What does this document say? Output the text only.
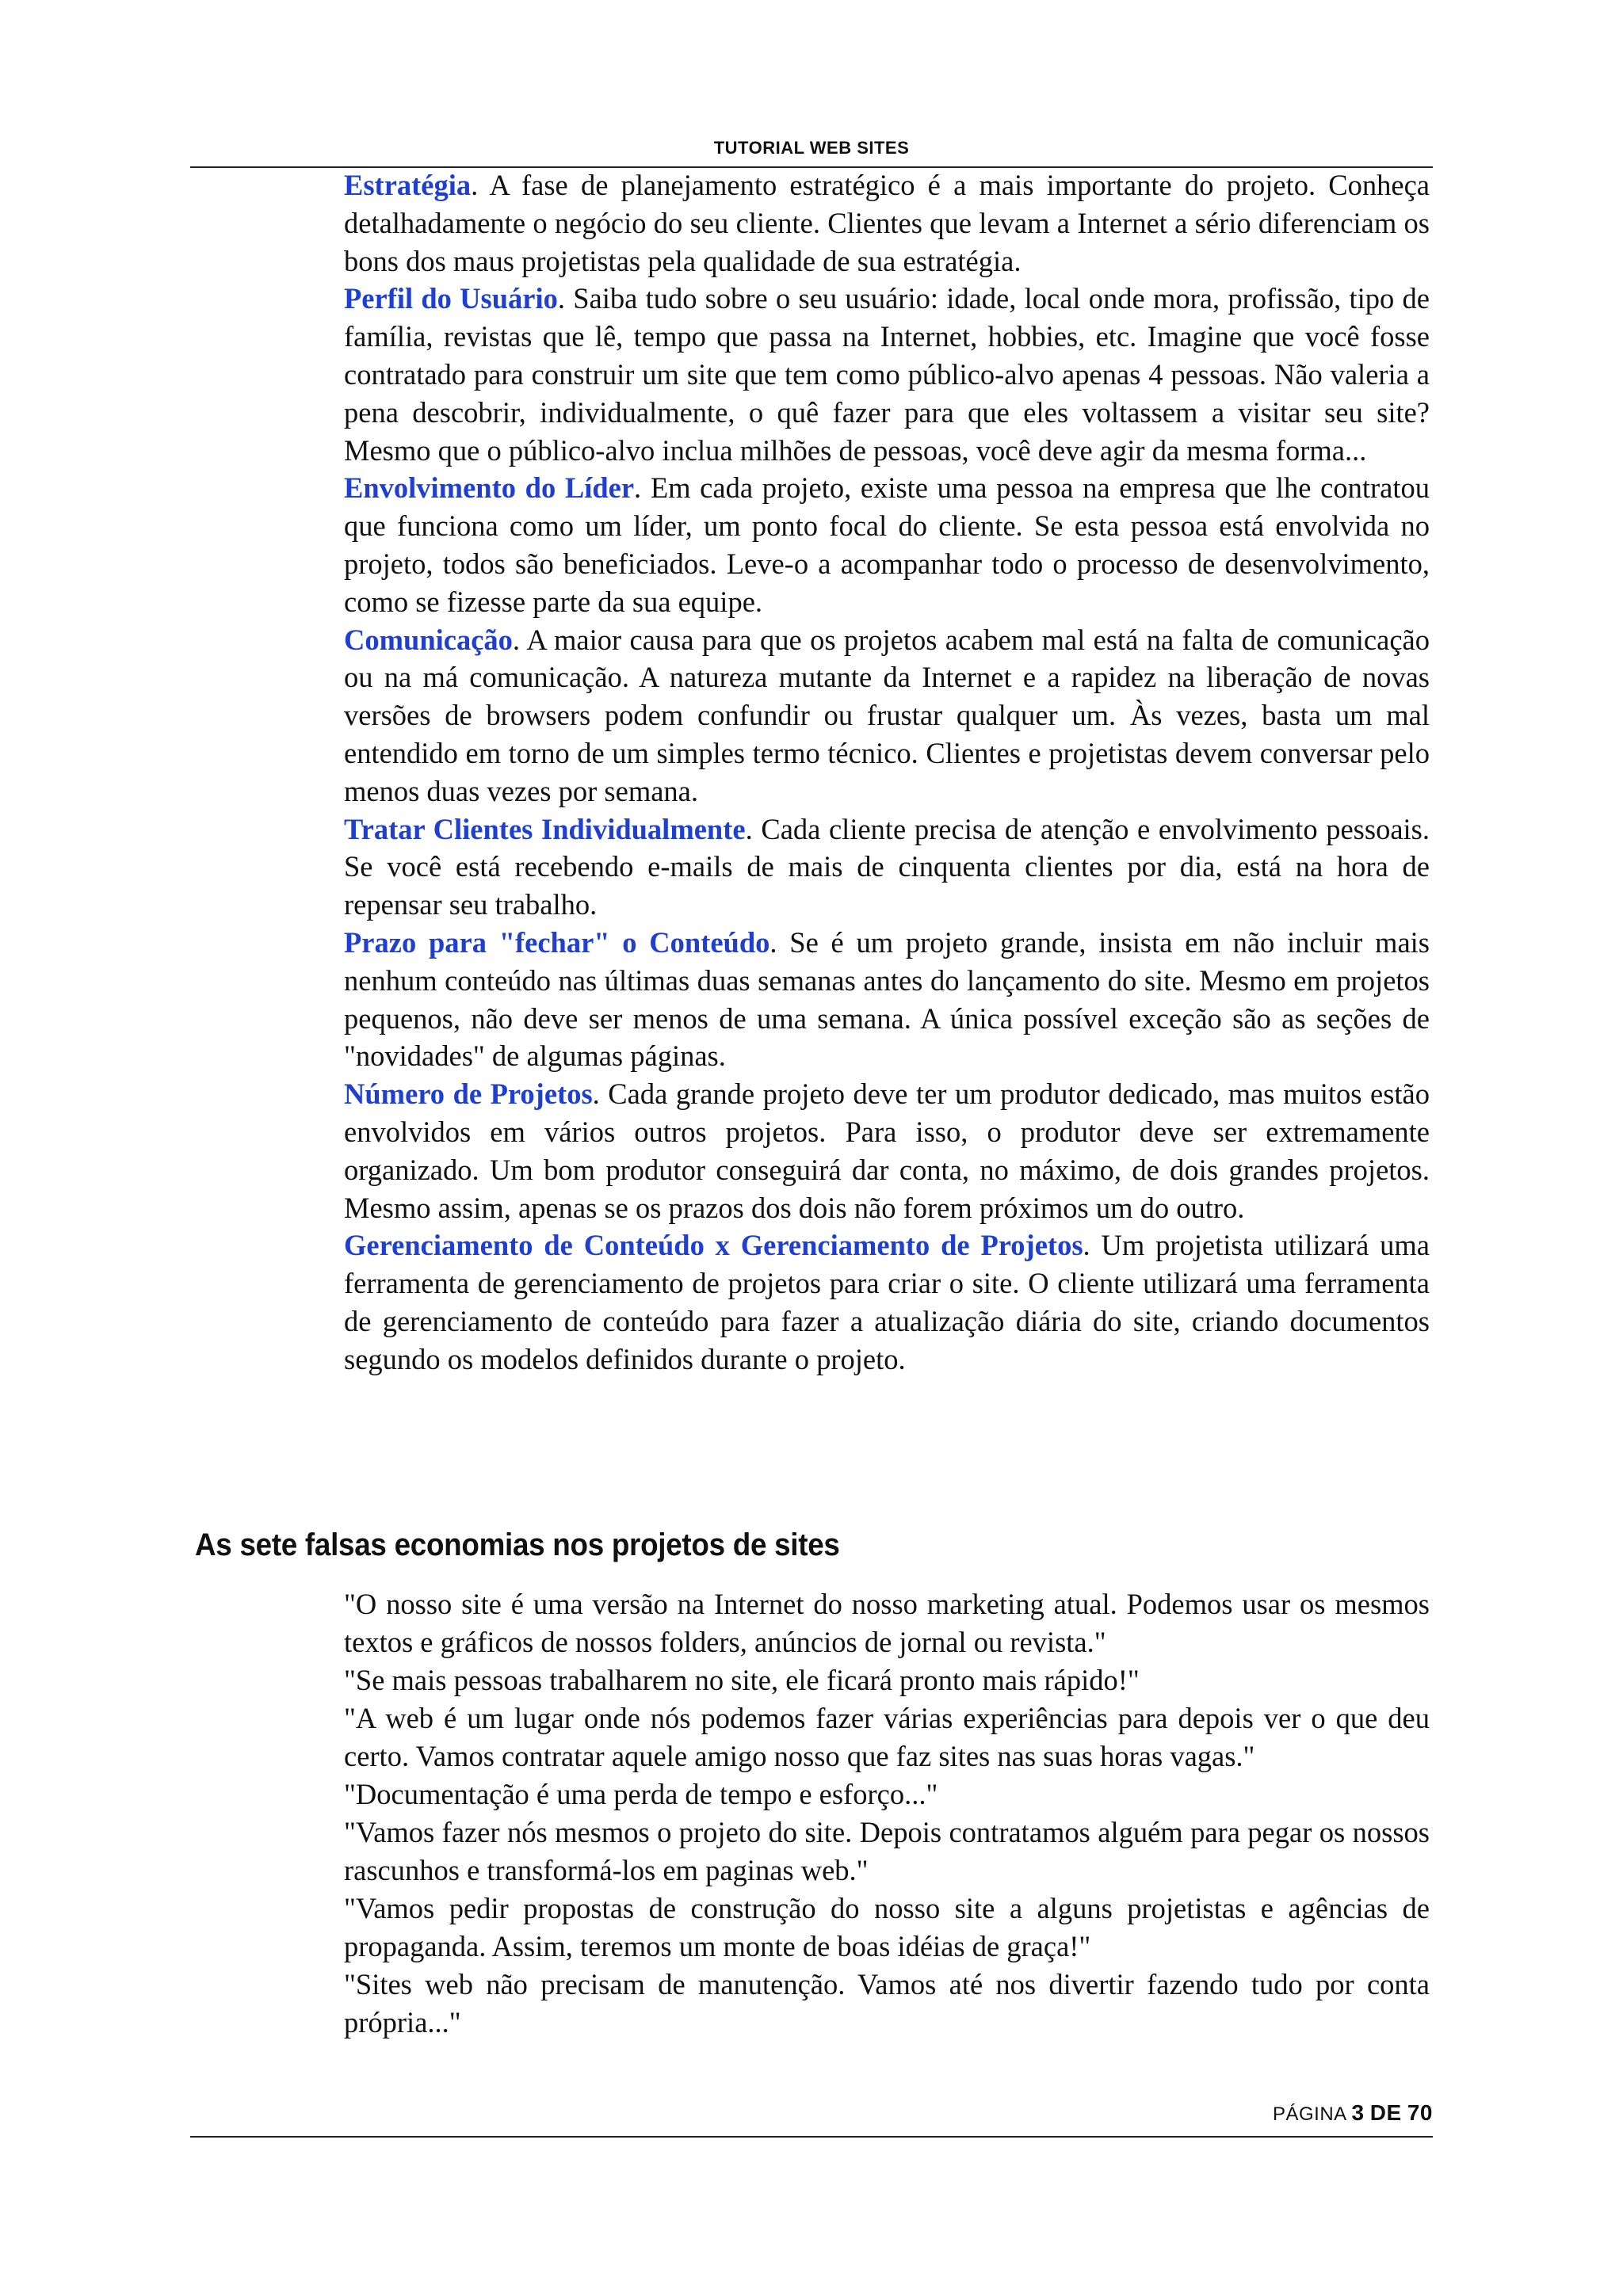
TUTORIAL WEB SITES

Estratégia. A fase de planejamento estratégico é a mais importante do projeto. Conheça detalhadamente o negócio do seu cliente. Clientes que levam a Internet a sério diferenciam os bons dos maus projetistas pela qualidade de sua estratégia.

Perfil do Usuário. Saiba tudo sobre o seu usuário: idade, local onde mora, profissão, tipo de família, revistas que lê, tempo que passa na Internet, hobbies, etc. Imagine que você fosse contratado para construir um site que tem como público-alvo apenas 4 pessoas. Não valeria a pena descobrir, individualmente, o quê fazer para que eles voltassem a visitar seu site? Mesmo que o público-alvo inclua milhões de pessoas, você deve agir da mesma forma...

Envolvimento do Líder. Em cada projeto, existe uma pessoa na empresa que lhe contratou que funciona como um líder, um ponto focal do cliente. Se esta pessoa está envolvida no projeto, todos são beneficiados. Leve-o a acompanhar todo o processo de desenvolvimento, como se fizesse parte da sua equipe.

Comunicação. A maior causa para que os projetos acabem mal está na falta de comunicação ou na má comunicação. A natureza mutante da Internet e a rapidez na liberação de novas versões de browsers podem confundir ou frustar qualquer um. Às vezes, basta um mal entendido em torno de um simples termo técnico. Clientes e projetistas devem conversar pelo menos duas vezes por semana.

Tratar Clientes Individualmente. Cada cliente precisa de atenção e envolvimento pessoais. Se você está recebendo e-mails de mais de cinquenta clientes por dia, está na hora de repensar seu trabalho.

Prazo para "fechar" o Conteúdo. Se é um projeto grande, insista em não incluir mais nenhum conteúdo nas últimas duas semanas antes do lançamento do site. Mesmo em projetos pequenos, não deve ser menos de uma semana. A única possível exceção são as seções de "novidades" de algumas páginas.

Número de Projetos. Cada grande projeto deve ter um produtor dedicado, mas muitos estão envolvidos em vários outros projetos. Para isso, o produtor deve ser extremamente organizado. Um bom produtor conseguirá dar conta, no máximo, de dois grandes projetos. Mesmo assim, apenas se os prazos dos dois não forem próximos um do outro.

Gerenciamento de Conteúdo x Gerenciamento de Projetos. Um projetista utilizará uma ferramenta de gerenciamento de projetos para criar o site. O cliente utilizará uma ferramenta de gerenciamento de conteúdo para fazer a atualização diária do site, criando documentos segundo os modelos definidos durante o projeto.

As sete falsas economias nos projetos de sites

"O nosso site é uma versão na Internet do nosso marketing atual. Podemos usar os mesmos textos e gráficos de nossos folders, anúncios de jornal ou revista."

"Se mais pessoas trabalharem no site, ele ficará pronto mais rápido!"

"A web é um lugar onde nós podemos fazer várias experiências para depois ver o que deu certo. Vamos contratar aquele amigo nosso que faz sites nas suas horas vagas."

"Documentação é uma perda de tempo e esforço..."

"Vamos fazer nós mesmos o projeto do site. Depois contratamos alguém para pegar os nossos rascunhos e transformá-los em paginas web."

"Vamos pedir propostas de construção do nosso site a alguns projetistas e agências de propaganda. Assim, teremos um monte de boas idéias de graça!"

"Sites web não precisam de manutenção. Vamos até nos divertir fazendo tudo por conta própria..."

PÁGINA 3 DE 70
